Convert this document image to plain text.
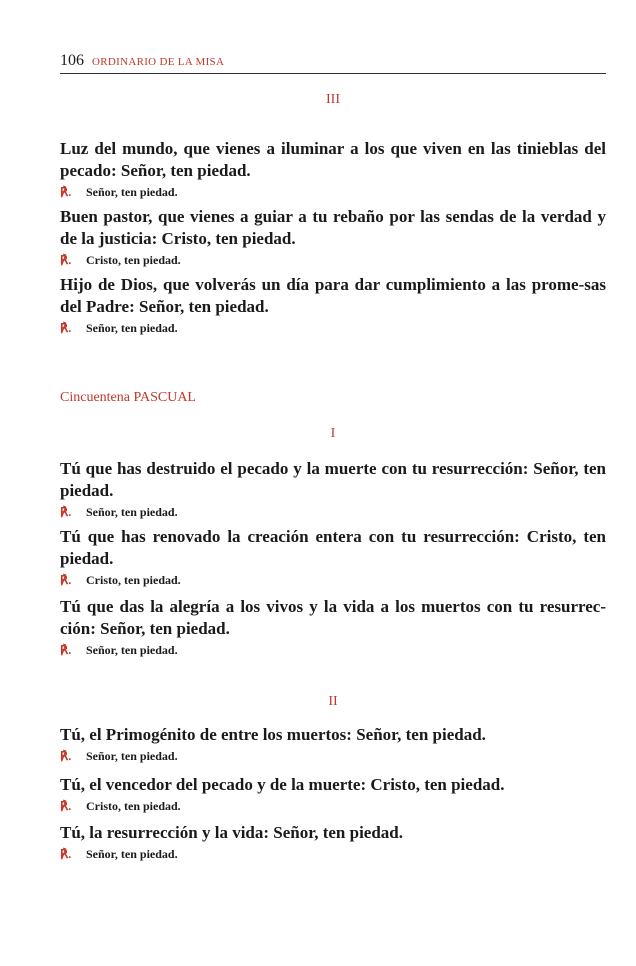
106 ORDINARIO DE LA MISA
III

Luz del mundo, que vienes a iluminar a los que viven en las tinieblas del pecado: Señor, ten piedad.

℟. Señor, ten piedad.

Buen pastor, que vienes a guiar a tu rebaño por las sendas de la verdad y de la justicia: Cristo, ten piedad.

℟. Cristo, ten piedad.

Hijo de Dios, que volverás un día para dar cumplimiento a las prome-sas del Padre: Señor, ten piedad.

℟. Señor, ten piedad.

Cincuentena PASCUAL
I

Tú que has destruido el pecado y la muerte con tu resurrección: Señor, ten piedad.

℟. Señor, ten piedad.

Tú que has renovado la creación entera con tu resurrección: Cristo, ten piedad.

℟. Cristo, ten piedad.

Tú que das la alegría a los vivos y la vida a los muertos con tu resurrec-ción: Señor, ten piedad.

℟. Señor, ten piedad.

II

Tú, el Primogénito de entre los muertos: Señor, ten piedad.

℟. Señor, ten piedad.

Tú, el vencedor del pecado y de la muerte: Cristo, ten piedad.

℟. Cristo, ten piedad.

Tú, la resurrección y la vida: Señor, ten piedad.

℟. Señor, ten piedad.
